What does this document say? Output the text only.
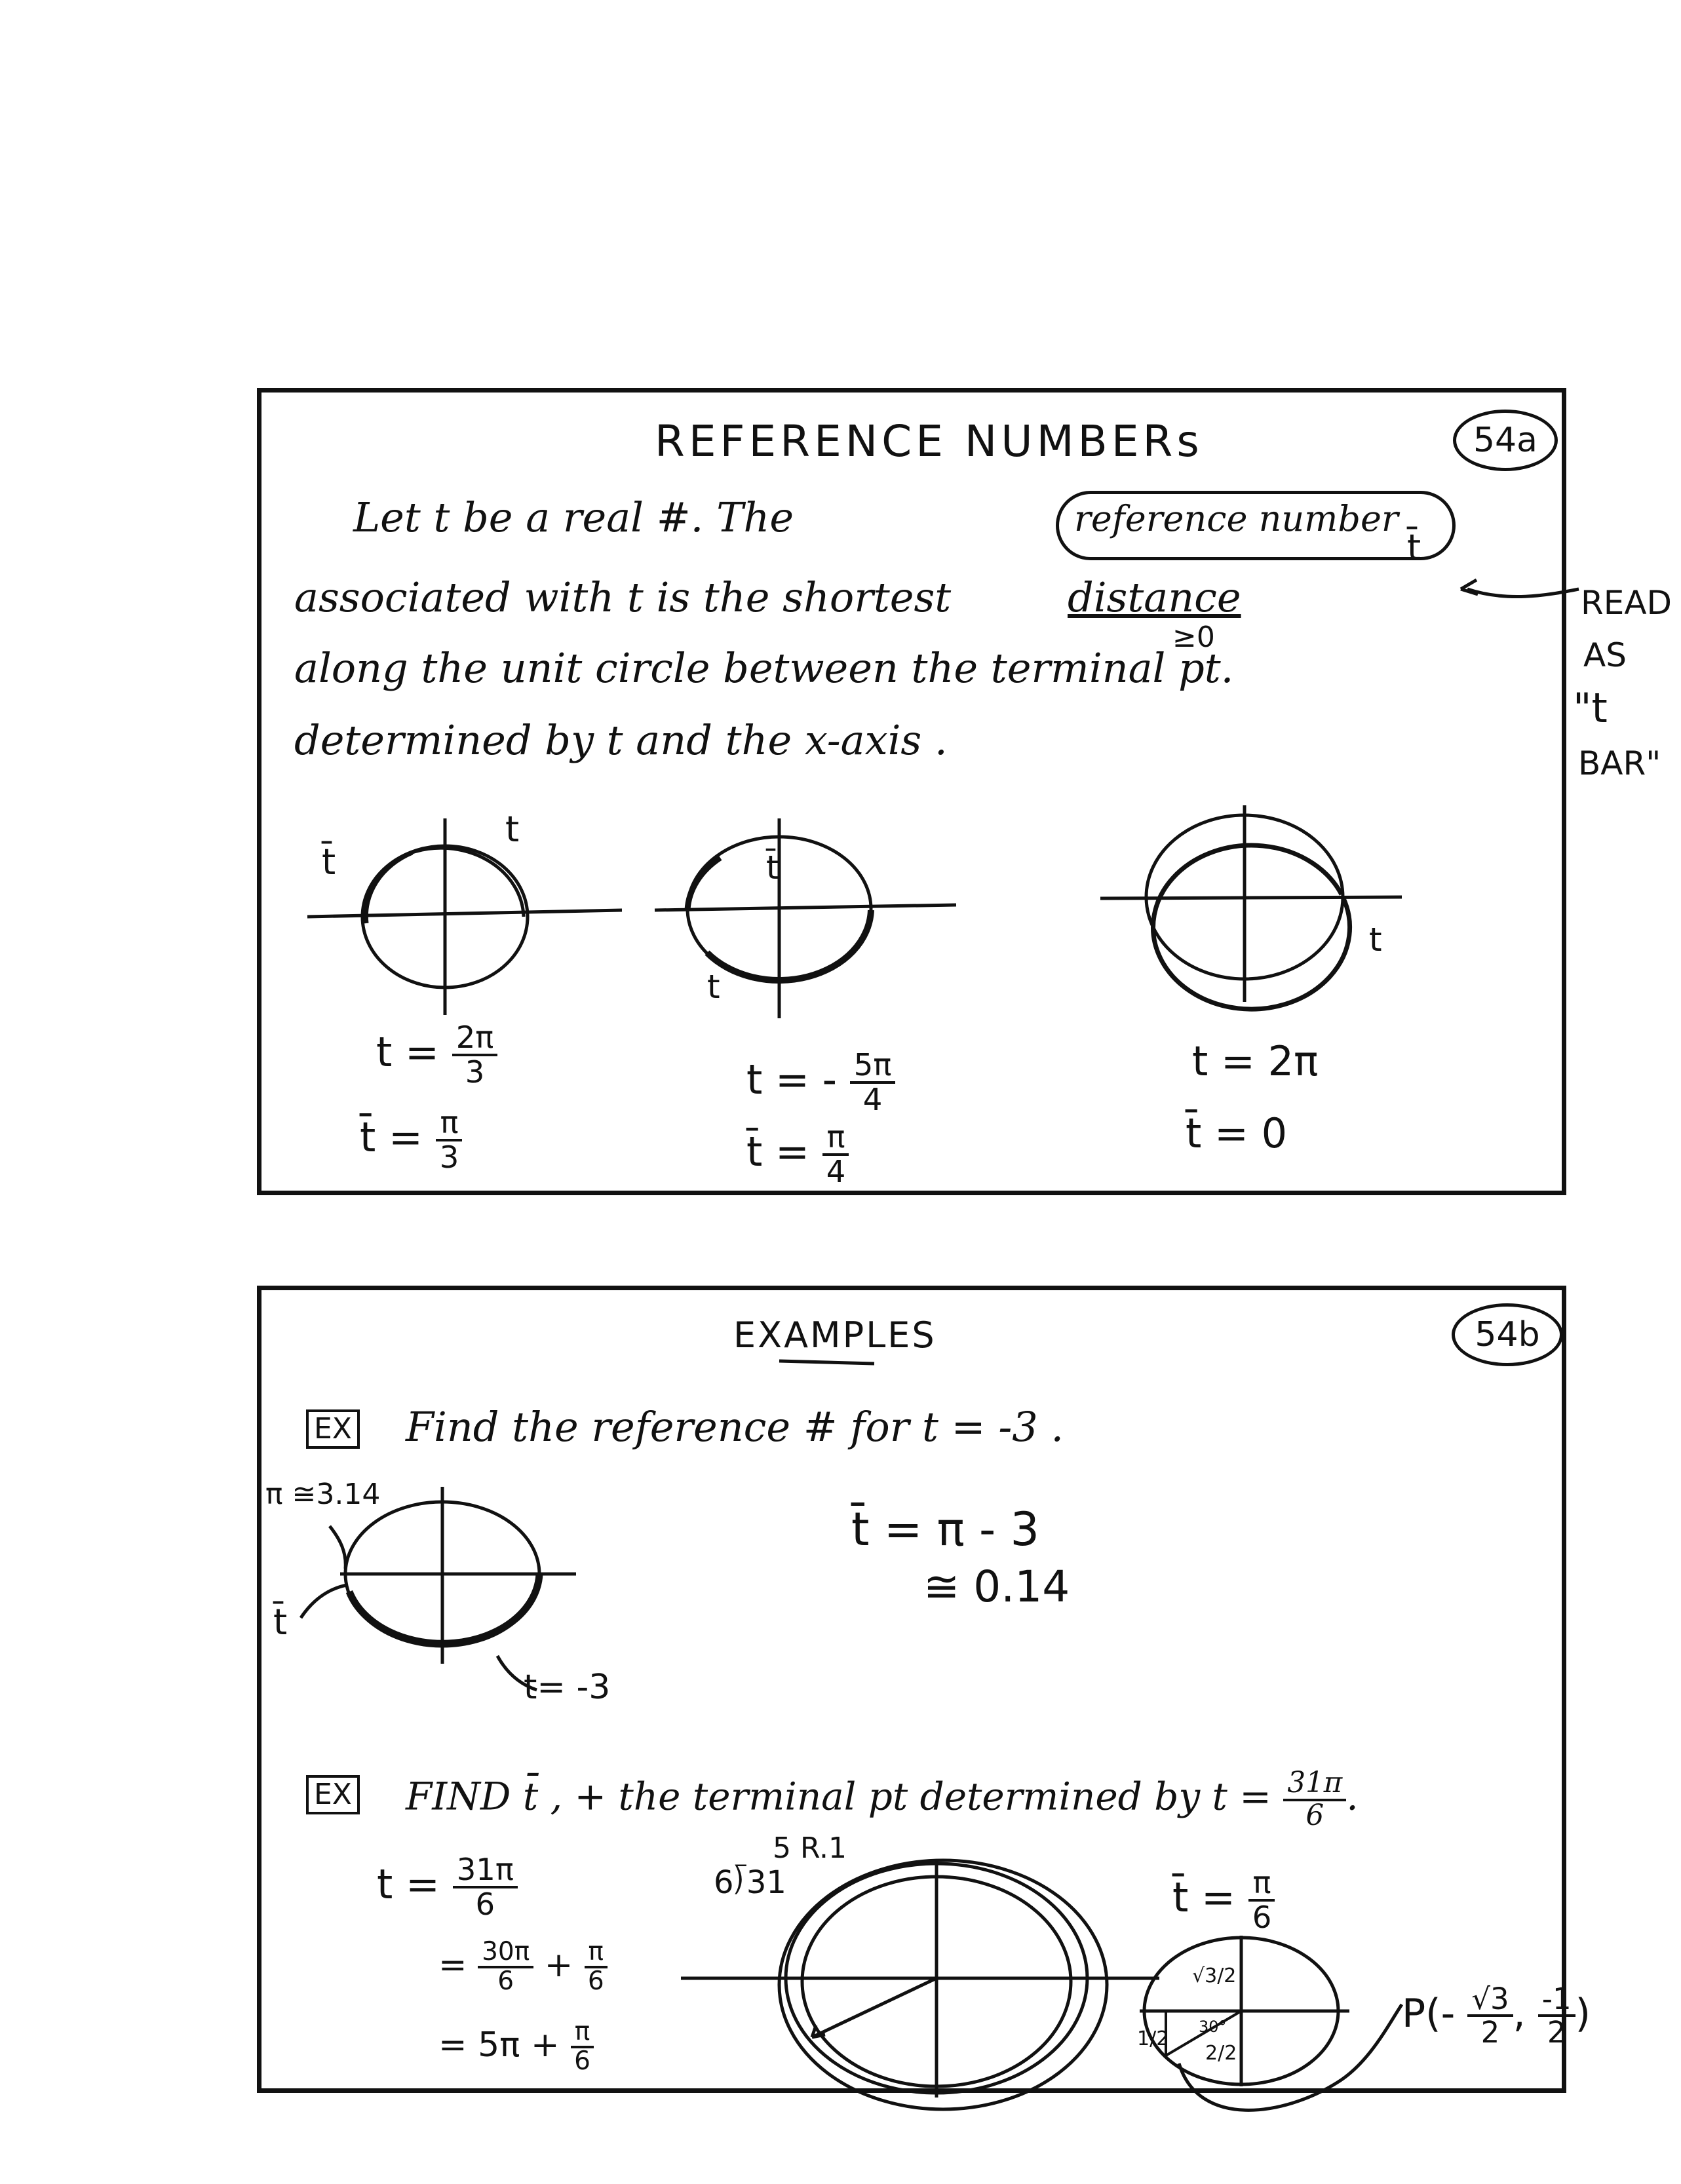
REFERENCE NUMBERs	54a
Let t be a real #. The	reference number
t̄
associated with t is the shortest	distance
≥0
along the unit circle between the terminal pt.
determined by t and the x-axis .
t̄
t
t̄
t
t
$t = \frac{2\pi}{3}$
t̄ = $\frac{\pi}{3}$
t = - $\frac{5\pi}{4}$
t̄ = $\frac{\pi}{4}$
t = 2π
t̄ = 0
READ
AS
"t
BAR"
EXAMPLES	54b
EX Find the reference # for t = -3 .
π ≅3.14
t̄
t= -3
t̄ = π - 3
≅ 0.14
EX FIND t̄ , + the terminal pt determined by $t = \frac{31\pi}{6}$ .
$t = \frac{31\pi}{6}$
= $\frac{30\pi}{6} + \frac{\pi}{6}$
= $5\pi + \frac{\pi}{6}$
6⟌31
5 R.1
t̄ = $\frac{\pi}{6}$
√3/2
30°
1/2
2/2
$P(- \frac{√3}{2}$ , $\frac{-1}{2}$ )
